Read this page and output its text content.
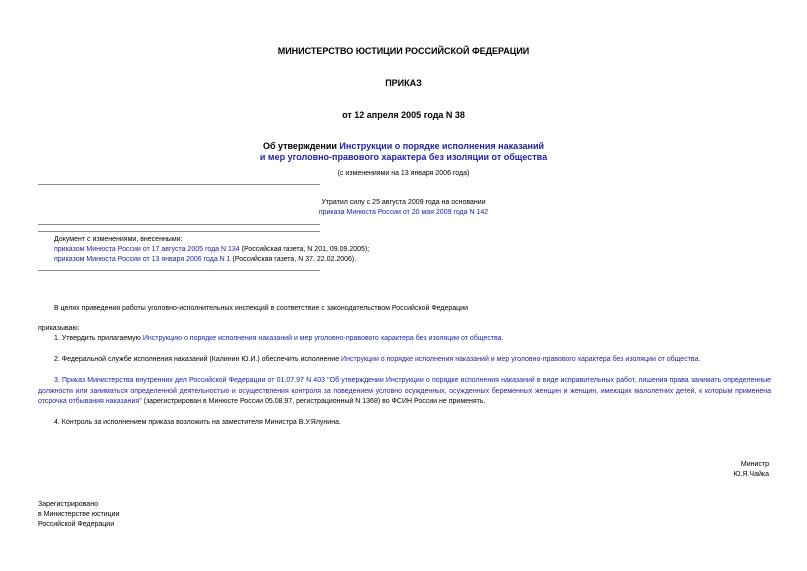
МИНИСТЕРСТВО ЮСТИЦИИ РОССИЙСКОЙ ФЕДЕРАЦИИ
ПРИКАЗ
от 12 апреля 2005 года N 38
Об утверждении Инструкции о порядке исполнения наказаний
и мер уголовно-правового характера без изоляции от общества
(с изменениями на 13 января 2006 года)
Утратил силу с 25 августа 2009 года на основании
приказа Минюста России от 20 мая 2009 года N 142
Документ с изменениями, внесенными:
приказом Минюста России от 17 августа 2005 года N 134 (Российская газета, N 201, 09.09.2005);
приказом Минюста России от 13 января 2006 года N 1 (Российская газета, N 37, 22.02.2006).
В целях приведения работы уголовно-исполнительных инспекций в соответствие с законодательством Российской Федерации
приказываю:
1. Утвердить прилагаемую Инструкцию о порядке исполнения наказаний и мер уголовно-правового характера без изоляции от общества.
2. Федеральной службе исполнения наказаний (Калинин Ю.И.) обеспечить исполнение Инструкции о порядке исполнения наказаний и мер уголовно-правового характера без изоляции от общества.
3. Приказ Министерства внутренних дел Российской Федерации от 01.07.97 N 403 "Об утверждении Инструкции о порядке исполнения наказаний в виде исправительных работ, лишения права занимать определенные должности или заниматься определенной деятельностью и осуществления контроля за поведением условно осужденных, осужденных беременных женщин и женщин, имеющих малолетних детей, к которым применена отсрочка отбывания наказания" (зарегистрирован в Минюсте России 05.08.97, регистрационный N 1368) во ФСИН России не применять.
4. Контроль за исполнением приказа возложить на заместителя Министра В.У.Ялунина.
Министр
Ю.Я.Чайка
Зарегистрировано
в Министерстве юстиции
Российской Федерации
